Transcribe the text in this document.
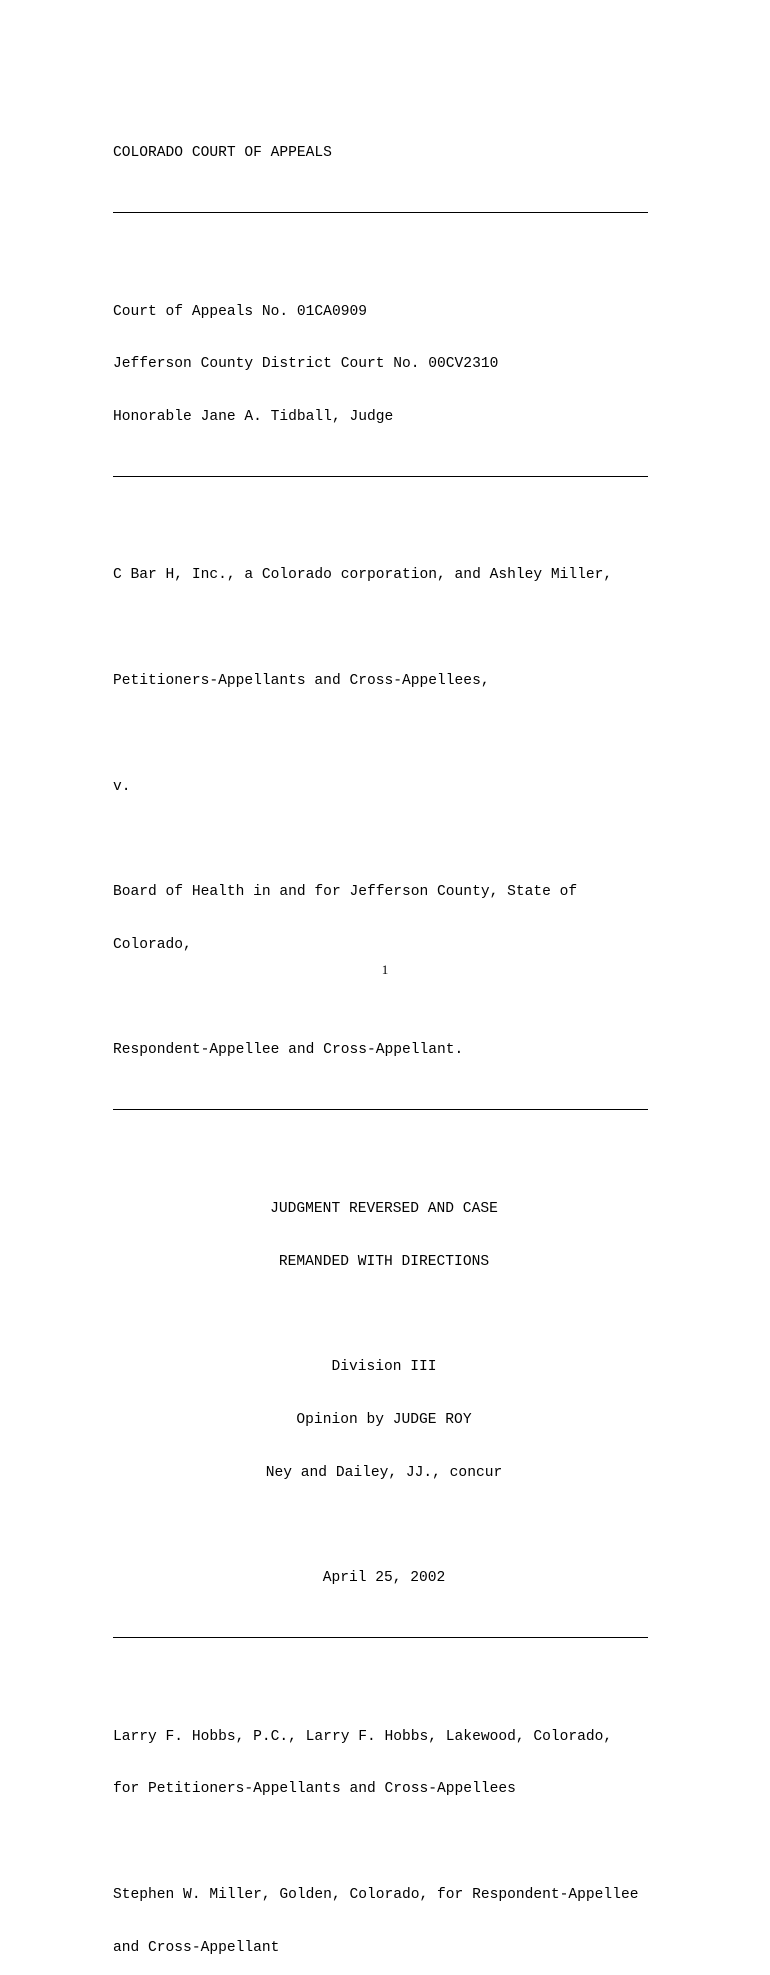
COLORADO COURT OF APPEALS

Court of Appeals No. 01CA0909

Jefferson County District Court No. 00CV2310

Honorable Jane A. Tidball, Judge

C Bar H, Inc., a Colorado corporation, and Ashley Miller,

Petitioners-Appellants and Cross-Appellees,

v.

Board of Health in and for Jefferson County, State of

Colorado,

Respondent-Appellee and Cross-Appellant.

JUDGMENT REVERSED AND CASE

REMANDED WITH DIRECTIONS

Division III

Opinion by JUDGE ROY

Ney and Dailey, JJ., concur

April 25, 2002

Larry F. Hobbs, P.C., Larry F. Hobbs, Lakewood, Colorado,

for Petitioners-Appellants and Cross-Appellees

Stephen W. Miller, Golden, Colorado, for Respondent-Appellee

and Cross-Appellant

1
